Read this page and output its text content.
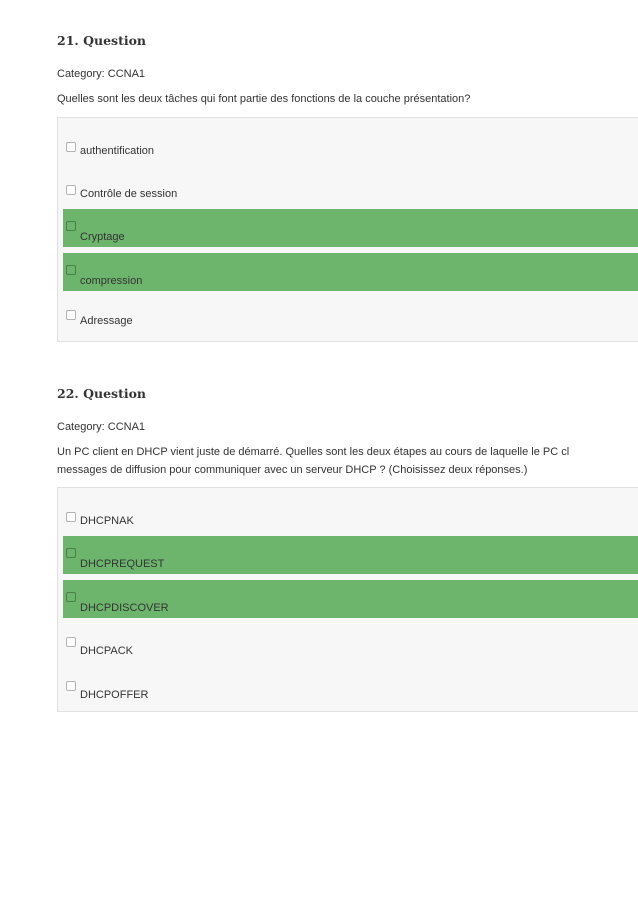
21. Question
Category: CCNA1
Quelles sont les deux tâches qui font partie des fonctions de la couche présentation?
authentification
Contrôle de session
Cryptage
compression
Adressage
22. Question
Category: CCNA1
Un PC client en DHCP vient juste de démarré. Quelles sont les deux étapes au cours de laquelle le PC cl
messages de diffusion pour communiquer avec un serveur DHCP ? (Choisissez deux réponses.)
DHCPNAK
DHCPREQUEST
DHCPDISCOVER
DHCPACK
DHCPOFFER
